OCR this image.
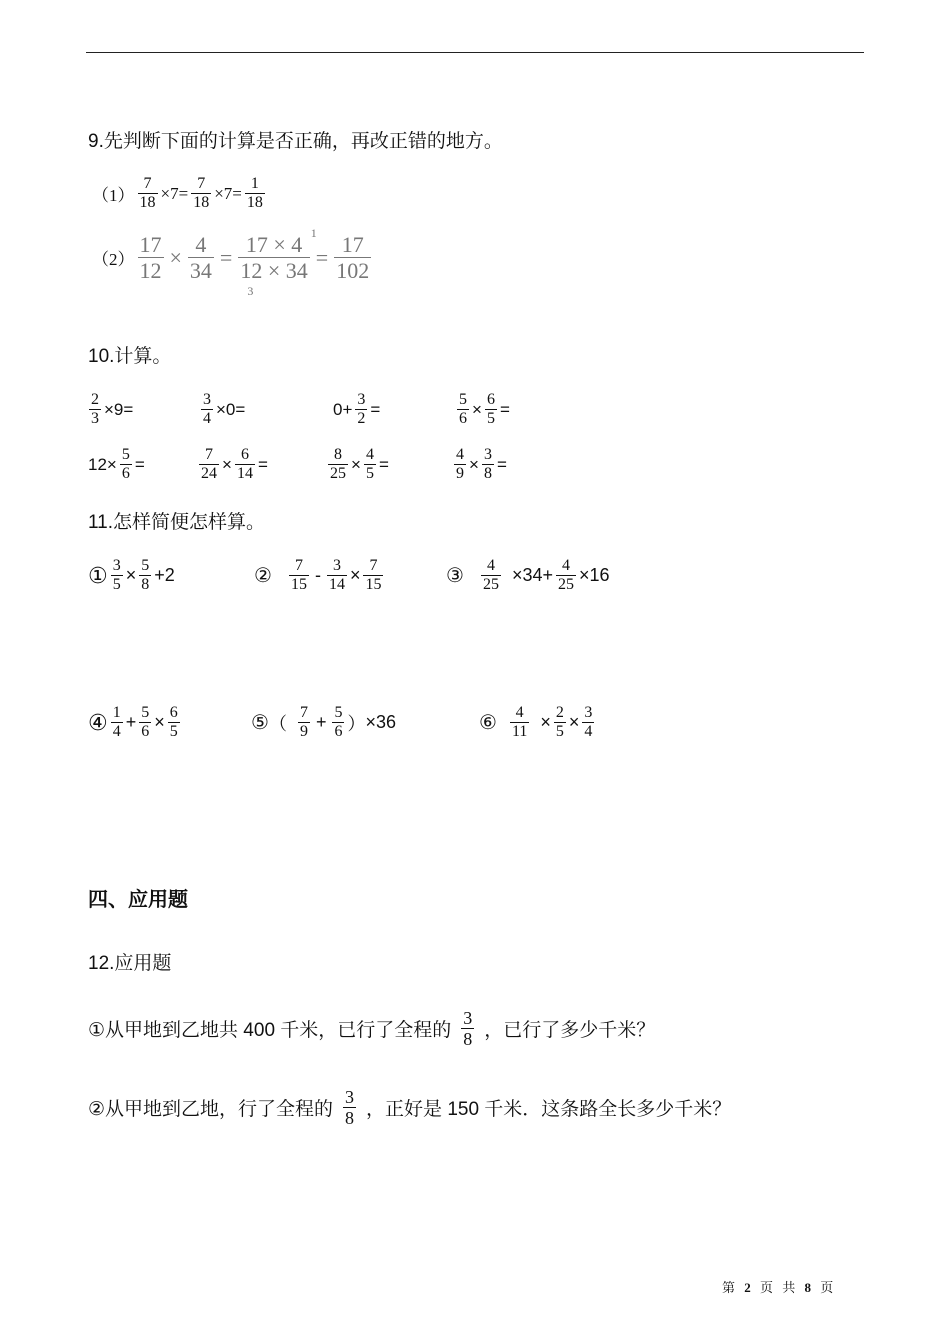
9.先判断下面的计算是否正确，再改正错的地方。
$(1) \frac{7}{18} \times 7 = \frac{7}{18} \times 7 = \frac{1}{18}$
$(2) \frac{17}{12} \times \frac{4}{34} = \frac{17 \times 4}{12 \times 34} 1$
3
= $\frac{17}{102}$
10.计算。
$\frac{2}{3} \times 9=$	$\frac{3}{4} \times 0=$	$0+ \frac{3}{2}$ =	$\frac{5}{6} \times \frac{6}{5}$ =
$12\times \frac{5}{6}$ =	$\frac{7}{24} \times \frac{6}{14}$ =	$\frac{8}{25} \times \frac{4}{5}$ =	$\frac{4}{9} \times \frac{3}{8}$ =
11.怎样简便怎样算。
① $\frac{3}{5} \times \frac{5}{8} +2$	② $\frac{7}{15} - \frac{3}{14} \times \frac{7}{15}$	③ $\frac{4}{25} \times 34+ \frac{4}{25} \times 16$
④ $\frac{1}{4} + \frac{5}{6} \times \frac{6}{5}$	⑤ （ $\frac{7}{9} + \frac{5}{6}$ ） ×36	⑥ $\frac{4}{11} \times \frac{2}{5} \times \frac{3}{4}$
四、应用题
12.应用题
①从甲地到乙地共 400 千米，已行了全程的 $\frac{3}{8}$ ，已行了多少千米？
②从甲地到乙地，行了全程的 $\frac{3}{8}$ ，正好是 150 千米．这条路全长多少千米？
第 2 页 共 8 页
